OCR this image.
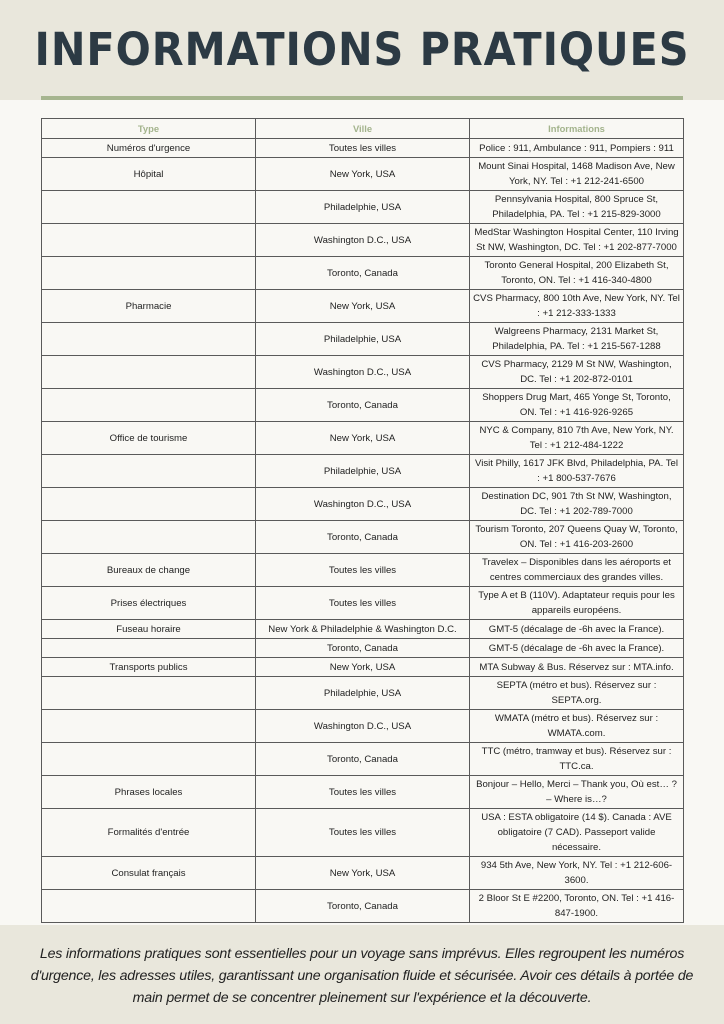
INFORMATIONS PRATIQUES
Type	Ville	Informations
Numéros d'urgence	Toutes les villes	Police : 911, Ambulance : 911, Pompiers : 911
Hôpital	New York, USA	Mount Sinai Hospital, 1468 Madison Ave, New York, NY. Tel : +1 212-241-6500
	Philadelphie, USA	Pennsylvania Hospital, 800 Spruce St, Philadelphia, PA. Tel : +1 215-829-3000
	Washington D.C., USA	MedStar Washington Hospital Center, 110 Irving St NW, Washington, DC. Tel : +1 202-877-7000
	Toronto, Canada	Toronto General Hospital, 200 Elizabeth St, Toronto, ON. Tel : +1 416-340-4800
Pharmacie	New York, USA	CVS Pharmacy, 800 10th Ave, New York, NY. Tel : +1 212-333-1333
	Philadelphie, USA	Walgreens Pharmacy, 2131 Market St, Philadelphia, PA. Tel : +1 215-567-1288
	Washington D.C., USA	CVS Pharmacy, 2129 M St NW, Washington, DC. Tel : +1 202-872-0101
	Toronto, Canada	Shoppers Drug Mart, 465 Yonge St, Toronto, ON. Tel : +1 416-926-9265
Office de tourisme	New York, USA	NYC & Company, 810 7th Ave, New York, NY. Tel : +1 212-484-1222
	Philadelphie, USA	Visit Philly, 1617 JFK Blvd, Philadelphia, PA. Tel : +1 800-537-7676
	Washington D.C., USA	Destination DC, 901 7th St NW, Washington, DC. Tel : +1 202-789-7000
	Toronto, Canada	Tourism Toronto, 207 Queens Quay W, Toronto, ON. Tel : +1 416-203-2600
Bureaux de change	Toutes les villes	Travelex – Disponibles dans les aéroports et centres commerciaux des grandes villes.
Prises électriques	Toutes les villes	Type A et B (110V). Adaptateur requis pour les appareils européens.
Fuseau horaire	New York & Philadelphie & Washington D.C.	GMT-5 (décalage de -6h avec la France).
	Toronto, Canada	GMT-5 (décalage de -6h avec la France).
Transports publics	New York, USA	MTA Subway & Bus. Réservez sur : MTA.info.
	Philadelphie, USA	SEPTA (métro et bus). Réservez sur : SEPTA.org.
	Washington D.C., USA	WMATA (métro et bus). Réservez sur : WMATA.com.
	Toronto, Canada	TTC (métro, tramway et bus). Réservez sur : TTC.ca.
Phrases locales	Toutes les villes	Bonjour – Hello, Merci – Thank you, Où est… ? – Where is…?
Formalités d'entrée	Toutes les villes	USA : ESTA obligatoire (14 $). Canada : AVE obligatoire (7 CAD). Passeport valide nécessaire.
Consulat français	New York, USA	934 5th Ave, New York, NY. Tel : +1 212-606-3600.
	Toronto, Canada	2 Bloor St E #2200, Toronto, ON. Tel : +1 416-847-1900.

Les informations pratiques sont essentielles pour un voyage sans imprévus. Elles regroupent les numéros d'urgence, les adresses utiles, garantissant une organisation fluide et sécurisée. Avoir ces détails à portée de main permet de se concentrer pleinement sur l'expérience et la découverte.
